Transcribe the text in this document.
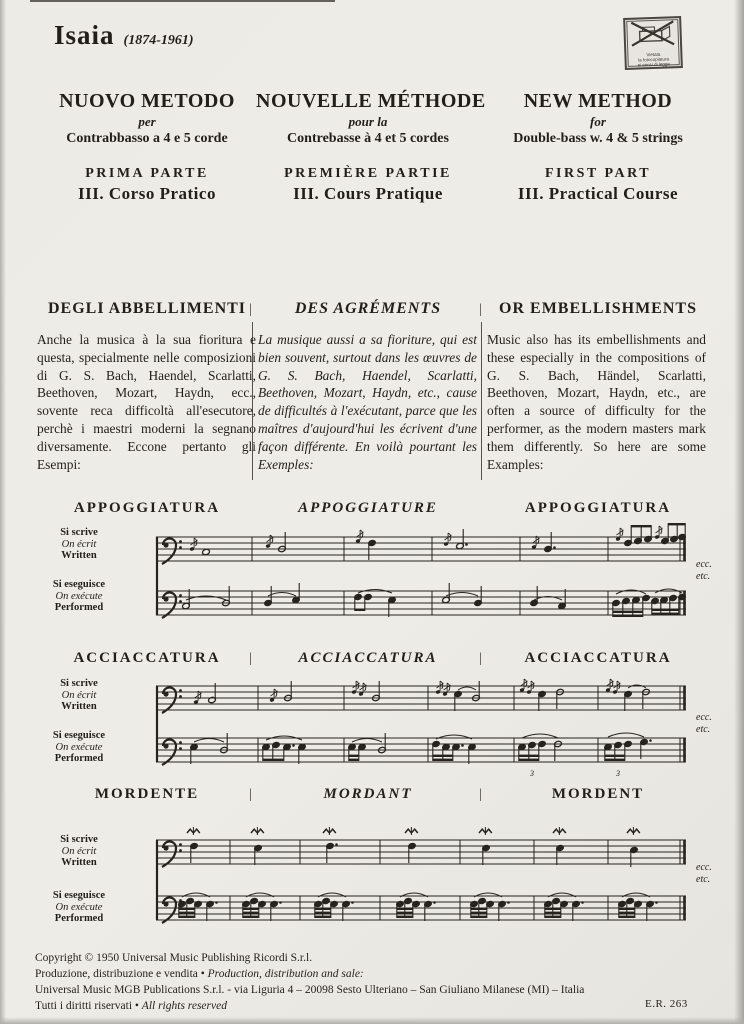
Isaia (1874-1961)
Vietata
la fotocopiatura
ai sensi di legge
NUOVO METODO
per
Contrabbasso a 4 e 5 corde
PRIMA PARTE
III. Corso Pratico
NOUVELLE MÉTHODE
pour la
Contrebasse à 4 et 5 cordes
PREMIÈRE PARTIE
III. Cours Pratique
NEW METHOD
for
Double-bass w. 4 & 5 strings
FIRST PART
III. Practical Course
DEGLI ABBELLIMENTI |	DES AGRÉMENTS	|	OR EMBELLISHMENTS
Anche la musica à la sua fioritura e questa, specialmente nelle composizioni di G. S. Bach, Haendel, Scarlatti, Beethoven, Mozart, Haydn, ecc., sovente reca difficoltà all'esecutore, perchè i maestri moderni la segnano diversamente. Eccone pertanto gli Esempi:
La musique aussi a sa fioriture, qui est bien souvent, surtout dans les œuvres de G. S. Bach, Haendel, Scarlatti, Beethoven, Mozart, Haydn, etc., cause de difficultés à l'exécutant, parce que les maîtres d'aujourd'hui les écrivent d'une façon différente. En voilà pourtant les Exemples:
Music also has its embellishments and these especially in the compositions of G. S. Bach, Händel, Scarlatti, Beethoven, Mozart, Haydn, etc., are often a source of difficulty for the performer, as the modern masters mark them differently. So here are some Examples:
APPOGGIATURA	APPOGGIATURE	APPOGGIATURA
Si scrive
On écrit
Written
Si eseguisce
On exécute
Performed
ecc.
etc.
ACCIACCATURA	|	ACCIACCATURA	|	ACCIACCATURA
Si scrive
On écrit
Written
Si eseguisce
On exécute
Performed
3	3
ecc.
etc.
MORDENTE	|	MORDANT	|	MORDENT
Si scrive
On écrit
Written
Si eseguisce
On exécute
Performed
ecc.
etc.
Copyright © 1950 Universal Music Publishing Ricordi S.r.l.
Produzione, distribuzione e vendita • Production, distribution and sale:
Universal Music MGB Publications S.r.l. - via Liguria 4 – 20098 Sesto Ulteriano – San Giuliano Milanese (MI) – Italia
Tutti i diritti riservati • All rights reserved	E.R. 263
